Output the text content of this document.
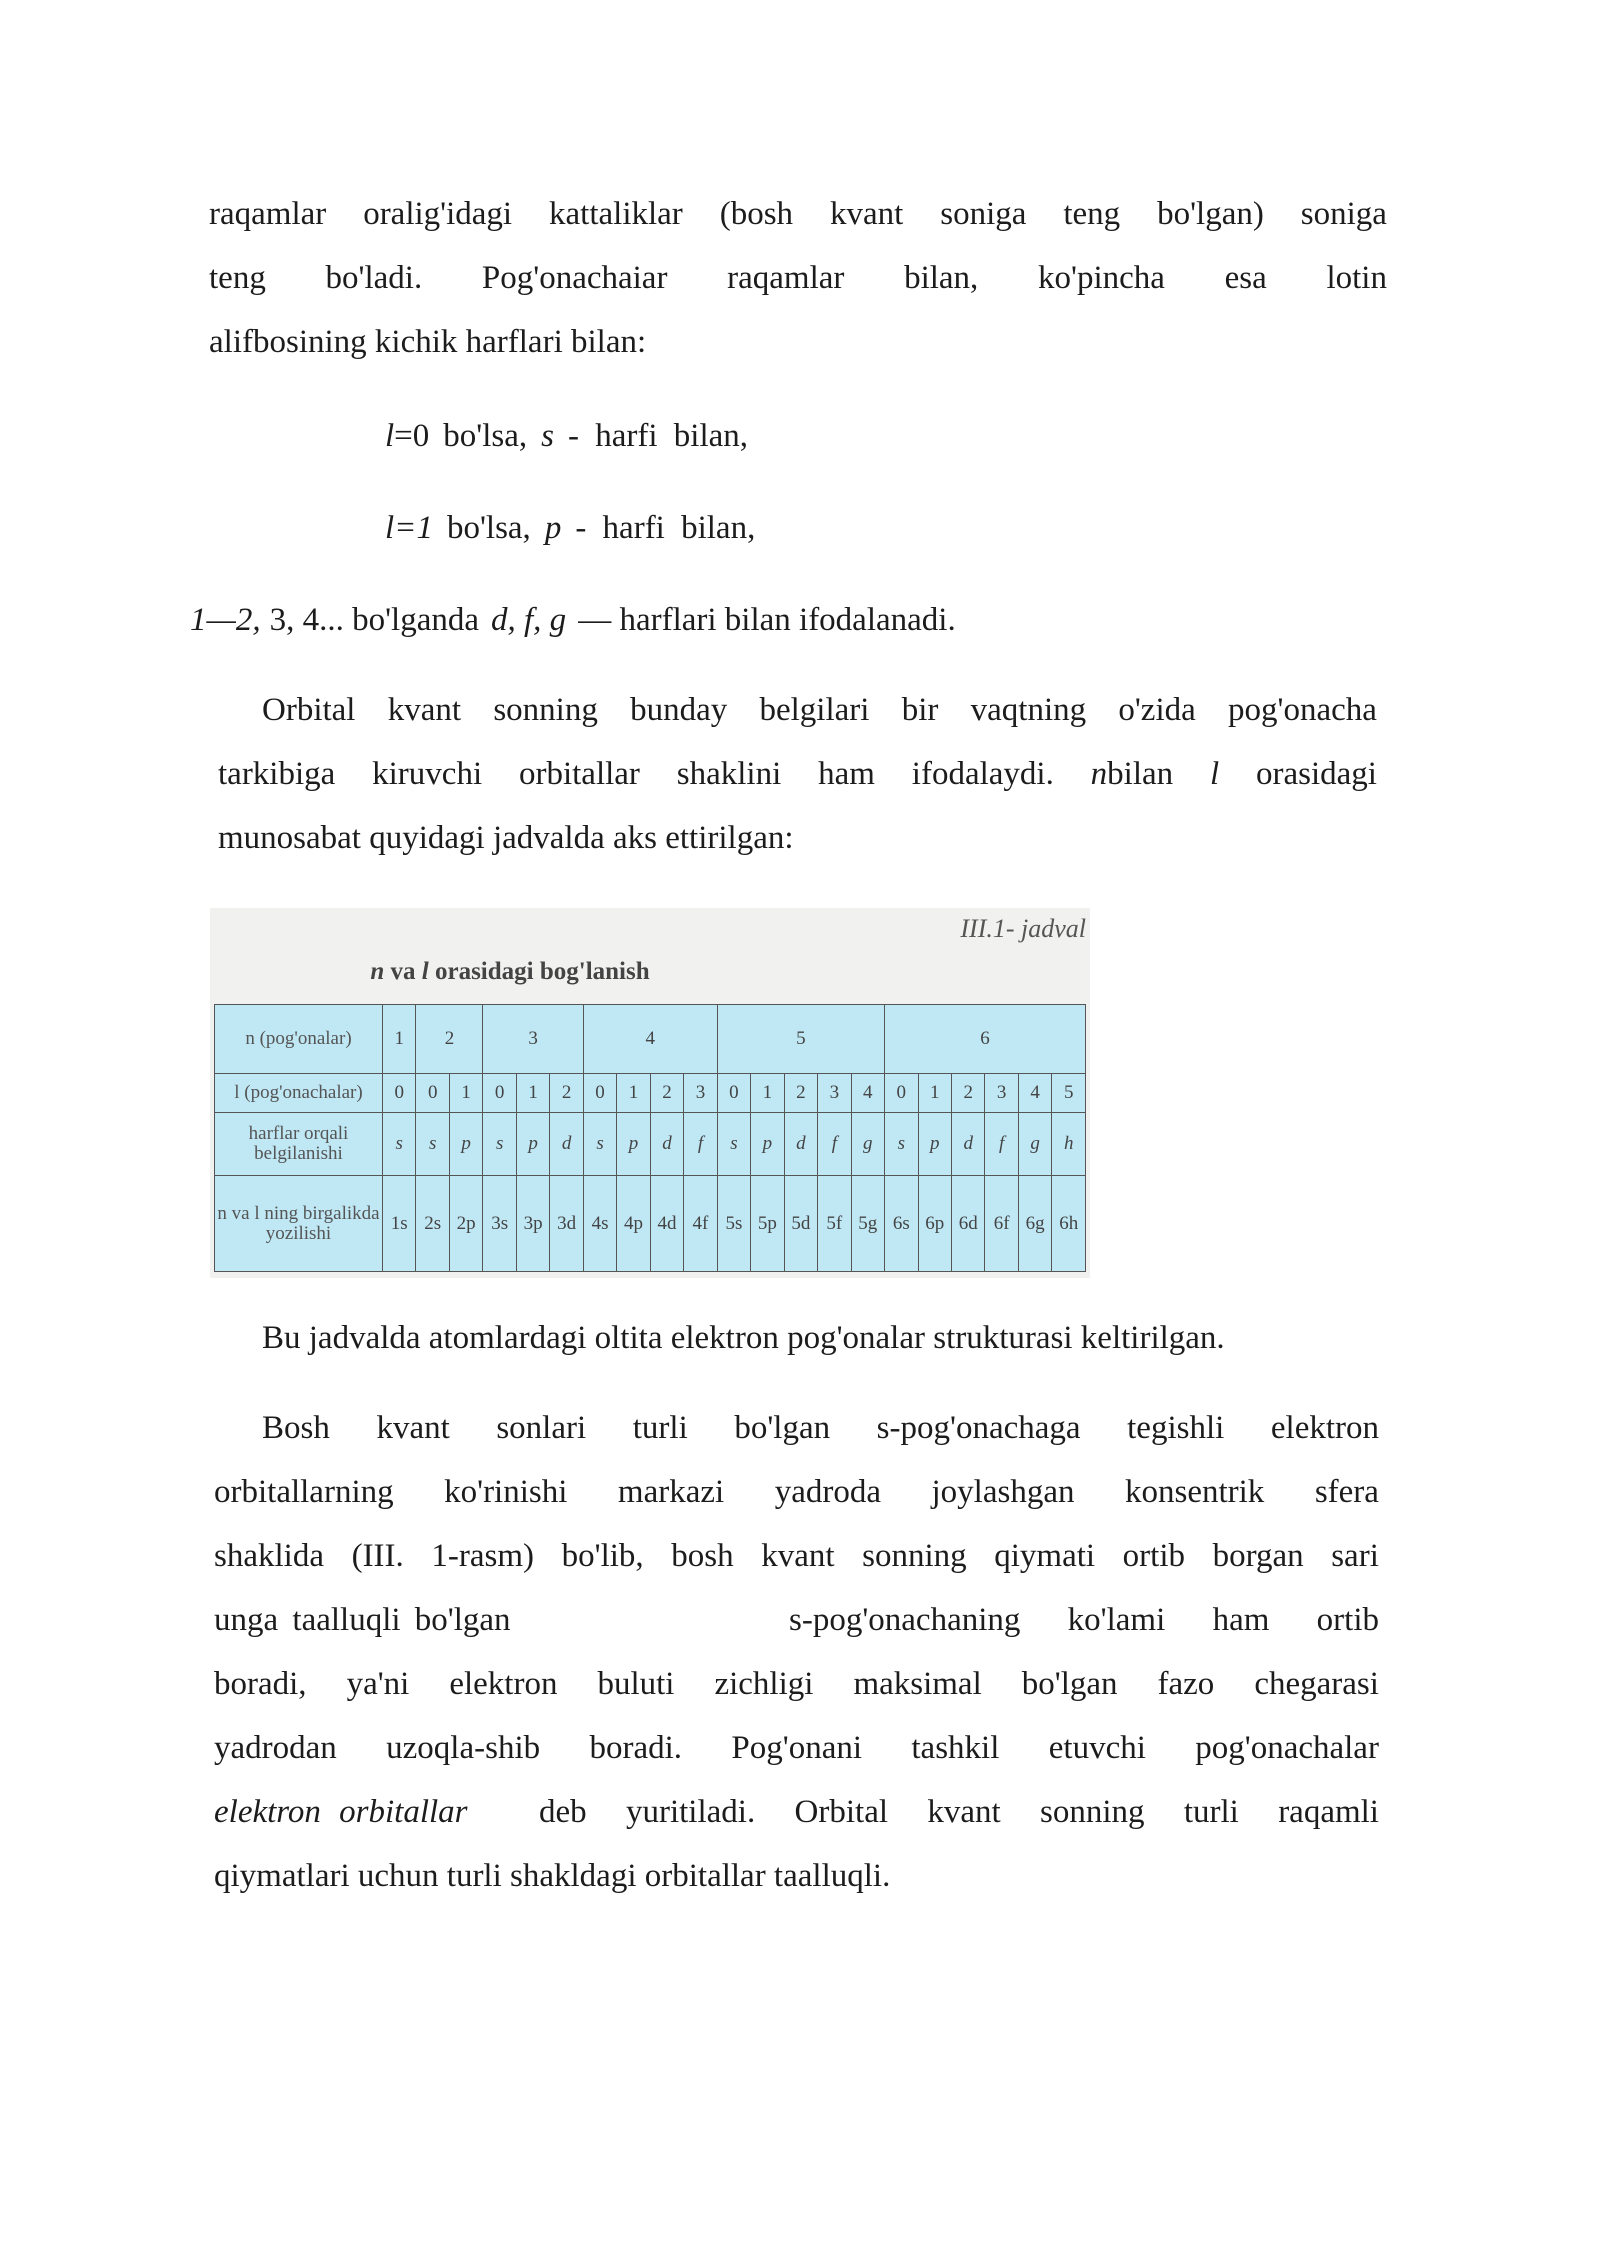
raqamlar oralig'idagi kattaliklar (bosh kvant soniga teng bo'lgan) soniga
teng bo'ladi. Pog'onachaiar raqamlar bilan, ko'pincha esa lotin
alifbosining kichik harflari bilan:
l =0 bo'lsa, s - harfi bilan,
l =1 bo'lsa, p - harfi bilan,
1—2, 3, 4... bo'lganda d, f, g — harflari bilan ifodalanadi.
Orbital kvant sonning bunday belgilari bir vaqtning o'zida pog'onacha
tarkibiga kiruvchi orbitallar shaklini ham ifodalaydi. nbilan l orasidagi
munosabat quyidagi jadvalda aks ettirilgan:
III.1- jadval
n va l orasidagi bog'lanish
n (pog'onalar)	1	2		3			4				5					6					
l (pog'onachalar)	0	0	1	0	1	2	0	1	2	3	0	1	2	3	4	0	1	2	3	4	5
harflar orqali belgilanishi	s	s	p	s	p	d	s	p	d	f	s	p	d	f	g	s	p	d	f	g	h
n va l ning birgalikda yozilishi	1s	2s	2p	3s	3p	3d	4s	4p	4d	4f	5s	5p	5d	5f	5g	6s	6p	6d	6f	6g	6h
Bu jadvalda atomlardagi oltita elektron pog'onalar strukturasi keltirilgan.
Bosh kvant sonlari turli bo'lgan s-pog'onachaga tegishli elektron
orbitallarning ko'rinishi markazi yadroda joylashgan konsentrik sfera
shaklida (III. 1-rasm) bo'lib, bosh kvant sonning qiymati ortib borgan sari
unga taalluqli bo'lgan	s-pog'onachaning ko'lami ham ortib
boradi, ya'ni elektron buluti zichligi maksimal bo'lgan fazo chegarasi
yadrodan uzoqla-shib boradi. Pog'onani tashkil etuvchi pog'onachalar
elektron orbitallar deb yuritiladi. Orbital kvant sonning turli raqamli
qiymatlari uchun turli shakldagi orbitallar taalluqli.
